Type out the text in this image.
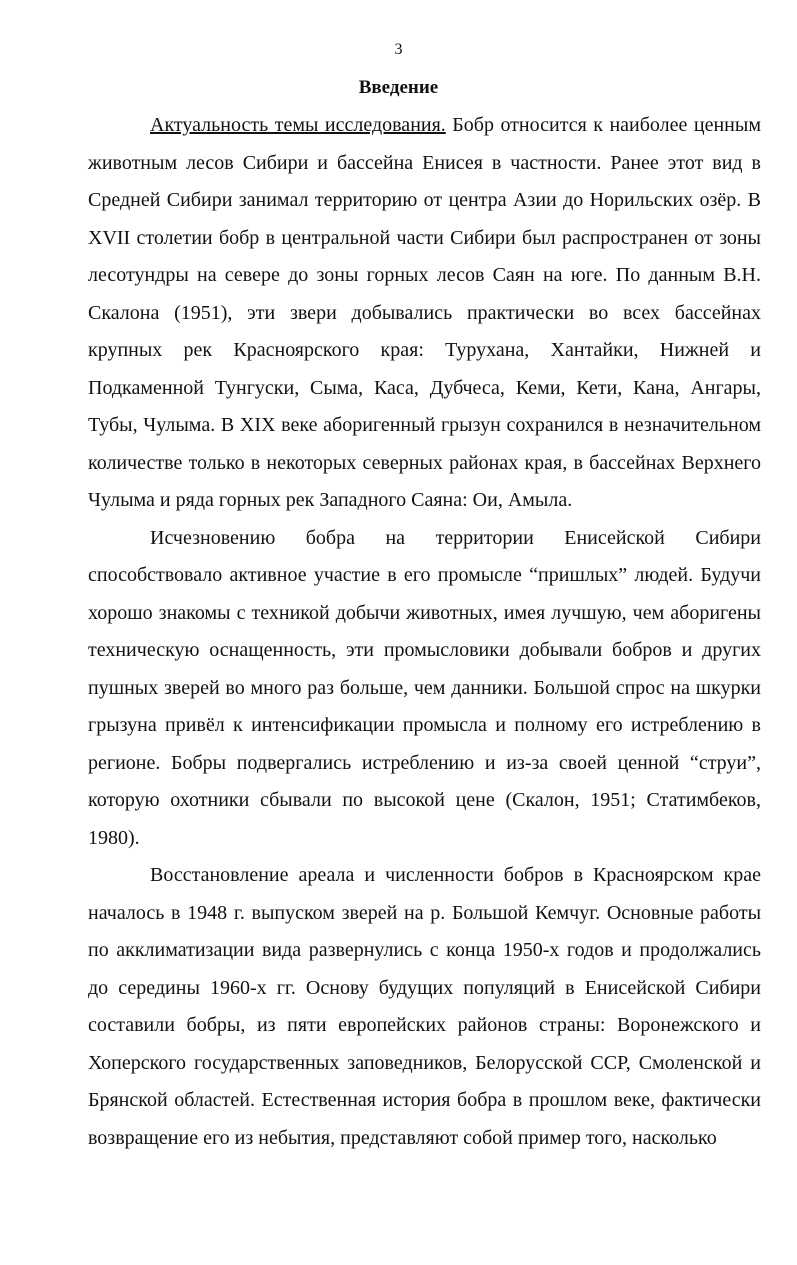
3
Введение

Актуальность темы исследования. Бобр относится к наиболее ценным животным лесов Сибири и бассейна Енисея в частности. Ранее этот вид в Средней Сибири занимал территорию от центра Азии до Норильских озёр. В XVII столетии бобр в центральной части Сибири был распространен от зоны лесотундры на севере до зоны горных лесов Саян на юге. По данным В.Н. Скалона (1951), эти звери добывались практически во всех бассейнах крупных рек Красноярского края: Турухана, Хантайки, Нижней и Подкаменной Тунгуски, Сыма, Каса, Дубчеса, Кеми, Кети, Кана, Ангары, Тубы, Чулыма. В XIX веке аборигенный грызун сохранился в незначительном количестве только в некоторых северных районах края, в бассейнах Верхнего Чулыма и ряда горных рек Западного Саяна: Ои, Амыла.

Исчезновению бобра на территории Енисейской Сибири способствовало активное участие в его промысле “пришлых” людей. Будучи хорошо знакомы с техникой добычи животных, имея лучшую, чем аборигены техническую оснащенность, эти промысловики добывали бобров и других пушных зверей во много раз больше, чем данники. Большой спрос на шкурки грызуна привёл к интенсификации промысла и полному его истреблению в регионе. Бобры подвергались истреблению и из-за своей ценной “струи”, которую охотники сбывали по высокой цене (Скалон, 1951; Статимбеков, 1980).

Восстановление ареала и численности бобров в Красноярском крае началось в 1948 г. выпуском зверей на р. Большой Кемчуг. Основные работы по акклиматизации вида развернулись с конца 1950-х годов и продолжались до середины 1960-х гг. Основу будущих популяций в Енисейской Сибири составили бобры, из пяти европейских районов страны: Воронежского и Хоперского государственных заповедников, Белорусской ССР, Смоленской и Брянской областей. Естественная история бобра в прошлом веке, фактически возвращение его из небытия, представляют собой пример того, насколько
